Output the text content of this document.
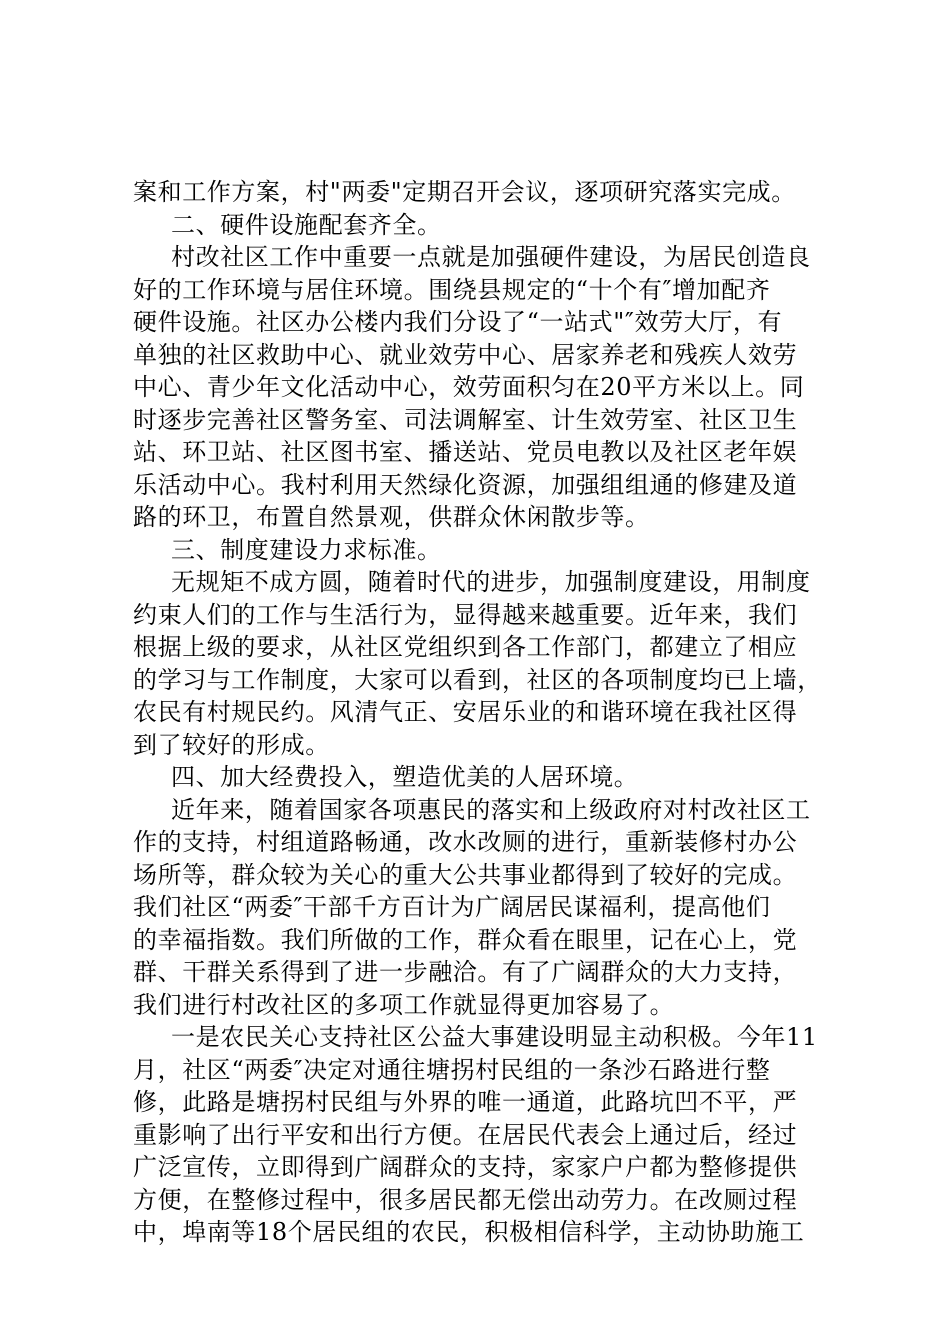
案和工作方案，村"两委"定期召开会议，逐项研究落实完成。
二、硬件设施配套齐全。
村改社区工作中重要一点就是加强硬件建设，为居民创造良
好的工作环境与居住环境。围绕县规定的“十个有″增加配齐
硬件设施。社区办公楼内我们分设了“一站式"″效劳大厅，有
单独的社区救助中心、就业效劳中心、居家养老和残疾人效劳
中心、青少年文化活动中心，效劳面积匀在20平方米以上。同
时逐步完善社区警务室、司法调解室、计生效劳室、社区卫生
站、环卫站、社区图书室、播送站、党员电教以及社区老年娱
乐活动中心。我村利用天然绿化资源，加强组组通的修建及道
路的环卫，布置自然景观，供群众休闲散步等。
三、制度建设力求标准。
无规矩不成方圆，随着时代的进步，加强制度建设，用制度
约束人们的工作与生活行为，显得越来越重要。近年来，我们
根据上级的要求，从社区党组织到各工作部门，都建立了相应
的学习与工作制度，大家可以看到，社区的各项制度均已上墙，
农民有村规民约。风清气正、安居乐业的和谐环境在我社区得
到了较好的形成。
四、加大经费投入，塑造优美的人居环境。
近年来，随着国家各项惠民的落实和上级政府对村改社区工
作的支持，村组道路畅通，改水改厕的进行，重新装修村办公
场所等，群众较为关心的重大公共事业都得到了较好的完成。
我们社区“两委″干部千方百计为广阔居民谋福利，提高他们
的幸福指数。我们所做的工作，群众看在眼里，记在心上，党
群、干群关系得到了进一步融洽。有了广阔群众的大力支持，
我们进行村改社区的多项工作就显得更加容易了。
一是农民关心支持社区公益大事建设明显主动积极。今年11
月，社区“两委″决定对通往塘拐村民组的一条沙石路进行整
修，此路是塘拐村民组与外界的唯一通道，此路坑凹不平，严
重影响了出行平安和出行方便。在居民代表会上通过后，经过
广泛宣传，立即得到广阔群众的支持，家家户户都为整修提供
方便，在整修过程中，很多居民都无偿出动劳力。在改厕过程
中，埠南等18个居民组的农民，积极相信科学，主动协助施工
